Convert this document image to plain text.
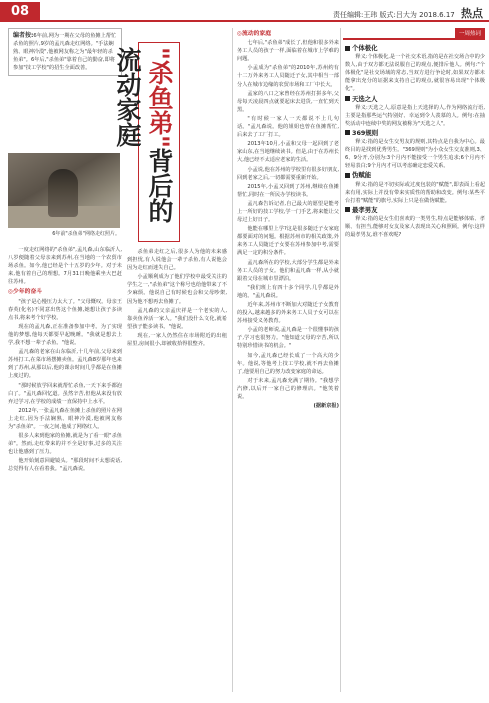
08	责任编辑:王玮 版式:吕大为 2018.6.17 热点
编者按:6年前,网为一期在父母的鱼摊上帮忙杀鱼的照片,9岁的孟凡森走红网络。"手法娴熟、眼神冷漠",他被网友称之为"最年轻的杀鱼弟"。6年后,"杀鱼弟"靠着自己的勤奋,即将参加"技工学校"的招生全面改善。
6年前"杀鱼弟"网络走红照片。
"杀鱼弟"背后的流动家庭

一度走红网络的"杀鱼弟",孟凡森,山东临沂人,八岁便随着父母亲来到苏州,在当地的一个农贸市场杀鱼。如今,他已经是个十五岁的少年。对于未来,他有着自己的理想。7月31日晚他乘坐大巴赶往苏州。

◎少年的奋斗

"孩子是心慢压力太大了。"父母慨叹。母亲王春英(化名)不同意出售这个鱼摊,她想让孩子多读点书,将来考个好学校。

现在的孟凡森,正在准备参加中考。为了实现他的梦想,他每天都要早起晚睡。"我就是想去上学,我不想一辈子杀鱼。"他说。

孟凡森的老家在山东临沂,十几年前,父母来到苏州打工,在菜市场摆摊卖鱼。孟凡森8岁那年也来到了苏州,从那以后,他的课余时间几乎都是在鱼摊上度过的。

"那时候放学回来就帮忙杀鱼,一天下来手都泡白了。"孟凡森回忆道。虽然辛苦,但他从来没有放弃过学习,在学校的成绩一直保持中上水平。

2012年,一张孟凡森在鱼摊上杀鱼的照片在网上走红,因为手法娴熟、眼神冷漠,他被网友称为"杀鱼弟"。一夜之间,他成了网络红人。

很多人来到他家的鱼摊,就是为了看一眼"杀鱼弟"。然而,走红带来的并不全是好事,过多的关注也让他感到了压力。

他开始刻意回避镜头。"那段时间不太想说话,总觉得有人在看着我。"孟凡森说。

杀鱼弟走红之后,很多人为他的未来感到担忧,有人说他会一辈子杀鱼,有人说他会因为走红而迷失自己。

小孟顺利成为了他们学校中最受关注的学生之一,"杀鱼弟"这个称号也给他带来了不少麻烦。他说自己有时候也会和父母吵架,因为他不想再去鱼摊了。

孟凡森的父亲孟庆祥是一个老实的人,靠卖鱼养活一家人。"我们没什么文化,就希望孩子能多读书。"他说。

现在,一家人仍然住在市场附近的出租屋里,房间很小,却被收拾得很整齐。

◎流动的家庭

七年后,"杀鱼弟"成长了,但他和很多外来务工人员的孩子一样,面临着在城市上学难的问题。

小孟成为"杀鱼弟"的2010年,苏州约有十二万外来务工人员随迁子女,其中相当一部分人在城市边缘的农贸市场和工厂中长大。

孟家的八口之家曾经在苏州打拼多年,父母每天凌晨四点就要起床去进货,一直忙到天黑。

"有时候一家人一天都说不上几句话。"孟凡森说。他的姐姐也曾在鱼摊帮忙,后来去了工厂打工。

2013年10月,小孟和父母一起回到了老家山东,在当地继续读书。但是,由于在苏州长大,他已经不太适应老家的生活。

小孟说,他在苏州的学校里有很多好朋友,回到老家之后,一切都需要重新开始。

2015年,小孟又回到了苏州,继续在鱼摊帮忙,同时在一所民办学校读书。

孟凡森告诉记者,自己最大的愿望是能考上一所好的技工学校,学一门手艺,将来能让父母过上好日子。

他能在哪里上学?这是很多随迁子女家庭都要面对的问题。根据苏州市的相关政策,外来务工人员随迁子女要在苏州参加中考,需要满足一定的积分条件。

孟凡森所在的学校,大部分学生都是外来务工人员的子女。他们和孟凡森一样,从小就跟着父母在城市里漂泊。

"我们班上有四十多个同学,几乎都是外地的。"孟凡森说。

近年来,苏州市不断加大对随迁子女教育的投入,越来越多的外来务工人员子女可以在苏州接受义务教育。

小孟的老师说,孟凡森是一个很懂事的孩子,学习也很努力。"他知道父母的辛苦,所以特别珍惜读书的机会。"

如今,孟凡森已经长成了一个高大的少年。他说,等他考上技工学校,就不再去鱼摊了,他要用自己的努力改变家庭的命运。

对于未来,孟凡森充满了期待。"我想学汽修,以后开一家自己的修理店。"他笑着说。

(据新京报)

一周热词

个体极化

释义:个体极化,是一个社交术语,指的是在社交场合中的少数人,由于双方都无法说服自己的观点,便排斥他人。例句:"个体极化"是社交场域的常态,当双方进行争论时,如果双方都未能拿出充分的证据来支持自己的观点,就很容易出现"个体极化"。

天选之人

释义:天选之人,原意是指上天选择的人,作为网络流行语,主要是指那些运气特别好、幸运到令人羡慕的人。例句:在抽奖活动中连续中奖的网友被称为"天选之人"。

369规则

释义:指的是女生交男友的规则,其特点是自我为中心。最终目的是找到优秀男生。"369规则"为小众女生交友准则,3、6、9分开,分别为:3个月内不能接受一个男生追求;6个月内不轻易表白;9个月内才可以考虑确定恋爱关系。

伪赋能

释义:指的是不切实际或过度包装的"赋能",即表面上看起来有用,实际上并没有带来实质性的帮助和改变。例句:某些平台打着"赋能"的旗号,实际上只是在做伪赋能。

最孝男友

释义:指的是女生们喜欢的一类男生,特点是能够体贴、孝顺、有担当,能够对女友及家人表现出关心和照顾。例句:这样的最孝男友,谁不喜欢呢?
